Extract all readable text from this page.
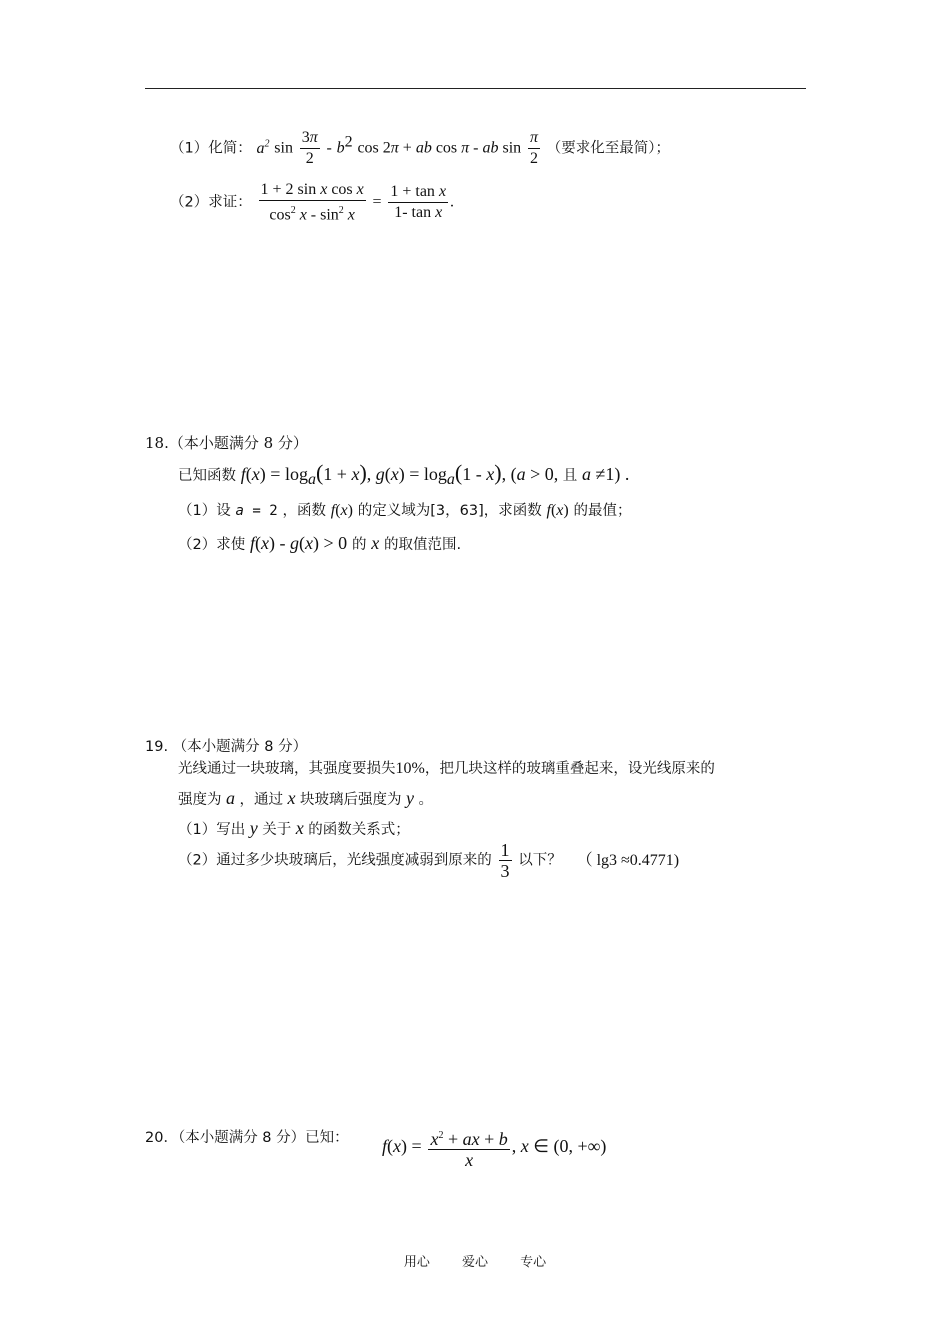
（1）化简： $a^2$ $\sin \frac{3\pi}{2} - b^2$ cos 2π + ab cos π - ab $\sin \frac{\pi}{2}$ （要求化至最简）；
（2）求证： $\frac{\text{1 + 2 sin x cos x}}{\cos^2 x - \sin^2 x} = \frac{\text{1 + tan x}}{\text{1- tan x}}$ .
18.（本小题满分 8 分）
已知函数 $f(x) = \log_a(1 + x)$, $g(x) = \log_a(1 - x)$, (a > 0, 且 a ≠1) .
（1）设 a = 2 ，函数 f(x) 的定义域为[3，63]，求函数 f(x) 的最值；
（2）求使 f(x) - g(x) > 0 的 x 的取值范围.
19. （本小题满分 8 分）
光线通过一块玻璃，其强度要损失10%，把几块这样的玻璃重叠起来，设光线原来的
强度为 a ，通过 x 块玻璃后强度为 y 。
（1）写出 y 关于 x 的函数关系式；
（2）通过多少块玻璃后，光线强度减弱到原来的 $\frac{1}{3}$ 以下？ （ lg3 ≈0.4771)
20．（本小题满分 8 分）已知： $f(x) = \frac{x^2 + ax + b}{x}$ , x ∈ (0, +∞)
用心 爱心 专心
